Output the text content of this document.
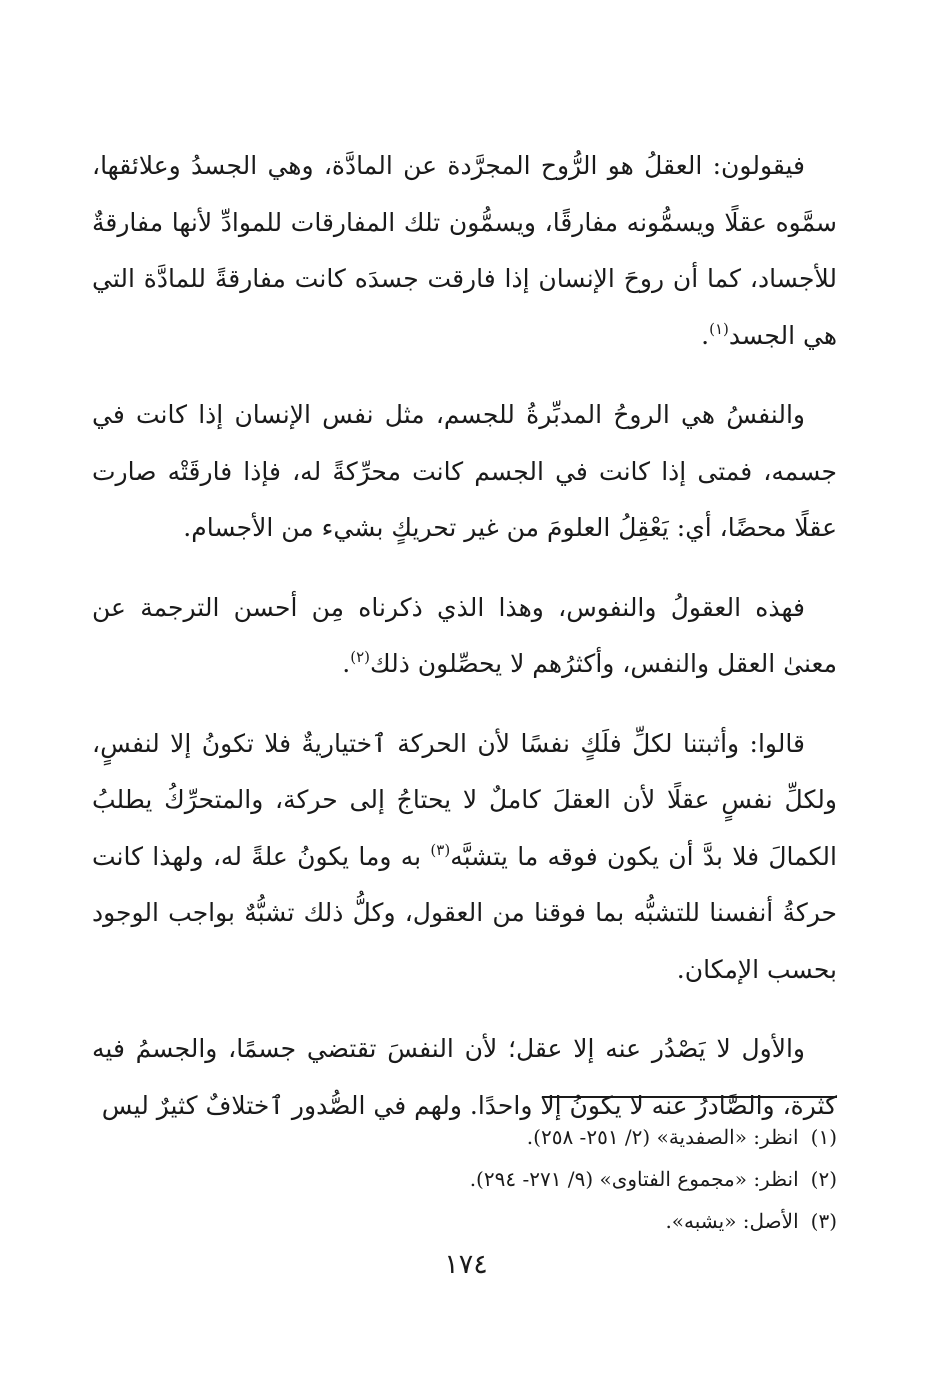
فيقولون: العقلُ هو الرُّوح المجرَّدة عن المادَّة، وهي الجسدُ وعلائقها، سمَّوه عقلًا ويسمُّونه مفارقًا، ويسمُّون تلك المفارقات للموادِّ لأنها مفارقةٌ للأجساد، كما أن روحَ الإنسان إذا فارقت جسدَه كانت مفارقةً للمادَّة التي هي الجسد$^{(١)}$.

والنفسُ هي الروحُ المدبِّرةُ للجسم، مثل نفس الإنسان إذا كانت في جسمه، فمتى إذا كانت في الجسم كانت محرِّكةً له، فإذا فارقَتْه صارت عقلًا محضًا، أي: يَعْقِلُ العلومَ من غير تحريكٍ بشيء من الأجسام.

فهذه العقولُ والنفوس، وهذا الذي ذكرناه مِن أحسن الترجمة عن معنىٰ العقل والنفس، وأكثرُهم لا يحصِّلون ذلك$^{(٢)}$.

قالوا: وأثبتنا لكلِّ فلَكٍ نفسًا لأن الحركة ٱختياريةٌ فلا تكونُ إلا لنفسٍ، ولكلِّ نفسٍ عقلًا لأن العقلَ كاملٌ لا يحتاجُ إلى حركة، والمتحرِّكُ يطلبُ الكمالَ فلا بدَّ أن يكون فوقه ما يتشبَّه$^{(٣)}$ به وما يكونُ علةً له، ولهذا كانت حركةُ أنفسنا للتشبُّه بما فوقنا من العقول، وكلُّ ذلك تشبُّهٌ بواجب الوجود بحسب الإمكان.

والأول لا يَصْدُر عنه إلا عقل؛ لأن النفسَ تقتضي جسمًا، والجسمُ فيه كثرة، والصَّادرُ عنه لا يكونُ إلا واحدًا. ولهم في الصُّدور ٱختلافٌ كثيرٌ ليس

(١)انظر: «الصفدية» (٢/ ٢٥١- ٢٥٨).
(٢)انظر: «مجموع الفتاوى» (٩/ ٢٧١- ٢٩٤).
(٣)الأصل: «يشبه».
١٧٤
